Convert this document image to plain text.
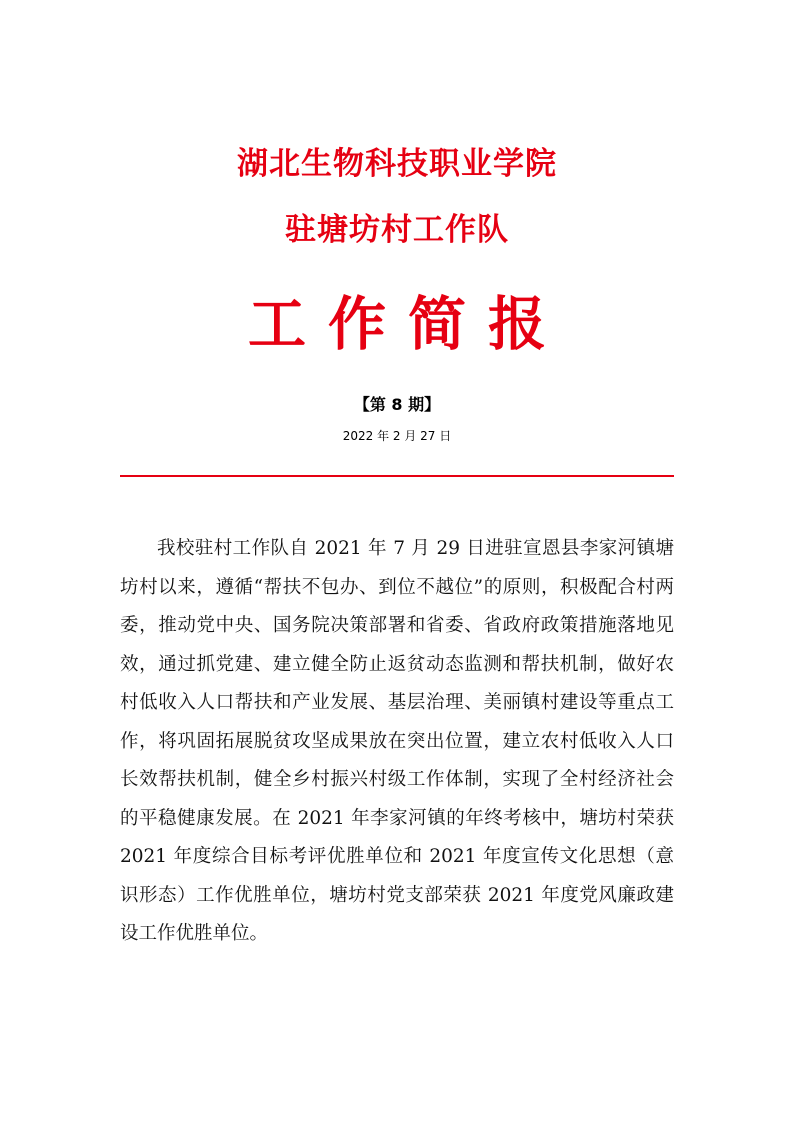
湖北生物科技职业学院
驻塘坊村工作队
工作简报
【第 8 期】
2022 年 2 月 27 日

我校驻村工作队自 2021 年 7 月 29 日进驻宣恩县李家河镇塘坊村以来，遵循“帮扶不包办、到位不越位”的原则，积极配合村两委，推动党中央、国务院决策部署和省委、省政府政策措施落地见效，通过抓党建、建立健全防止返贫动态监测和帮扶机制，做好农村低收入人口帮扶和产业发展、基层治理、美丽镇村建设等重点工作，将巩固拓展脱贫攻坚成果放在突出位置，建立农村低收入人口长效帮扶机制，健全乡村振兴村级工作体制，实现了全村经济社会的平稳健康发展。在 2021 年李家河镇的年终考核中，塘坊村荣获 2021 年度综合目标考评优胜单位和 2021 年度宣传文化思想（意识形态）工作优胜单位，塘坊村党支部荣获 2021 年度党风廉政建设工作优胜单位。
